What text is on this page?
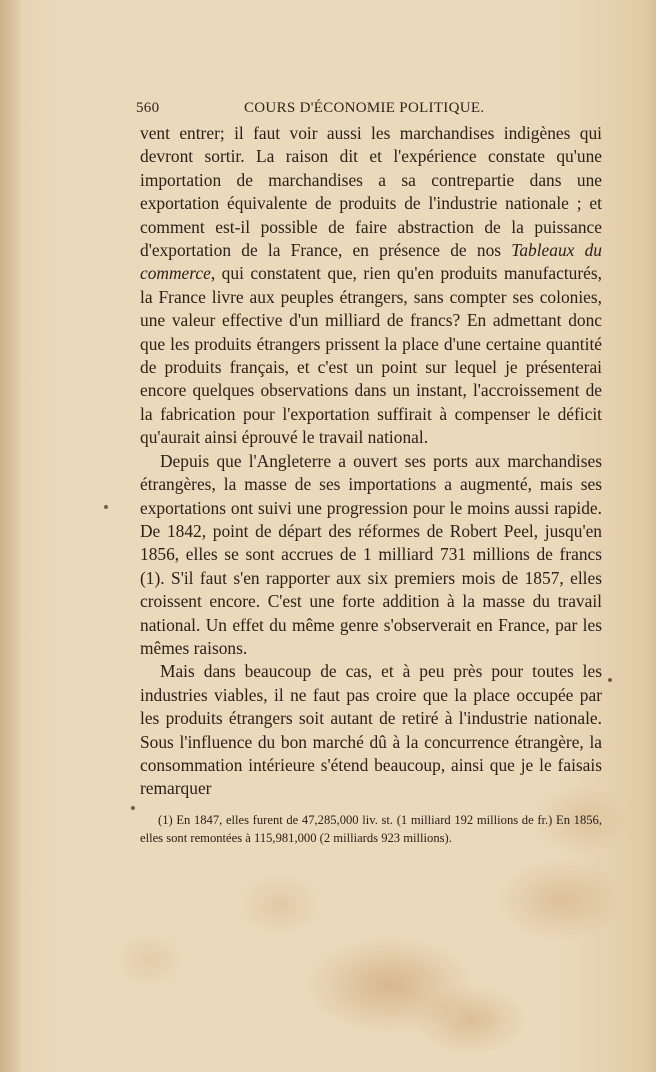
560	COURS D'ÉCONOMIE POLITIQUE.

vent entrer; il faut voir aussi les marchandises indigènes qui devront sortir. La raison dit et l'expérience constate qu'une importation de marchandises a sa contrepartie dans une exportation équivalente de produits de l'industrie nationale ; et comment est-il possible de faire abstraction de la puissance d'exportation de la France, en présence de nos Tableaux du commerce, qui constatent que, rien qu'en produits manufacturés, la France livre aux peuples étrangers, sans compter ses colonies, une valeur effective d'un milliard de francs? En admettant donc que les produits étrangers prissent la place d'une certaine quantité de produits français, et c'est un point sur lequel je présenterai encore quelques observations dans un instant, l'accroissement de la fabrication pour l'exportation suffirait à compenser le déficit qu'aurait ainsi éprouvé le travail national.

Depuis que l'Angleterre a ouvert ses ports aux marchandises étrangères, la masse de ses importations a augmenté, mais ses exportations ont suivi une progression pour le moins aussi rapide. De 1842, point de départ des réformes de Robert Peel, jusqu'en 1856, elles se sont accrues de 1 milliard 731 millions de francs (1). S'il faut s'en rapporter aux six premiers mois de 1857, elles croissent encore. C'est une forte addition à la masse du travail national. Un effet du même genre s'observerait en France, par les mêmes raisons.

Mais dans beaucoup de cas, et à peu près pour toutes les industries viables, il ne faut pas croire que la place occupée par les produits étrangers soit autant de retiré à l'industrie nationale. Sous l'influence du bon marché dû à la concurrence étrangère, la consommation intérieure s'étend beaucoup, ainsi que je le faisais remarquer

(1) En 1847, elles furent de 47,285,000 liv. st. (1 milliard 192 millions de fr.) En 1856, elles sont remontées à 115,981,000 (2 milliards 923 millions).
